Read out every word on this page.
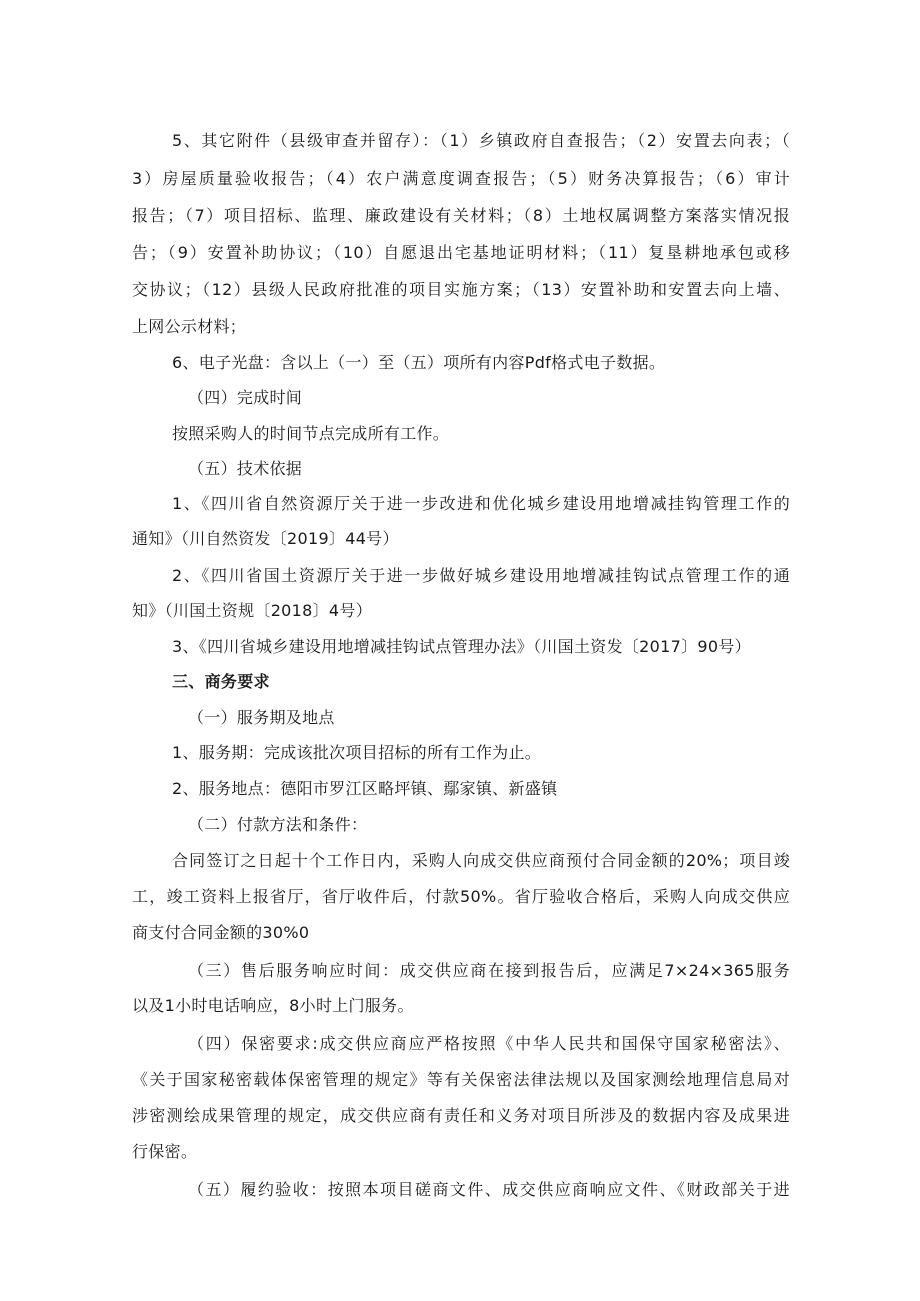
5、其它附件（县级审查并留存）：（1）乡镇政府自查报告；（2）安置去向表；（
3）房屋质量验收报告；（4）农户满意度调查报告；（5）财务决算报告；（6）审计
报告；（7）项目招标、监理、廉政建设有关材料；（8）土地权属调整方案落实情况报
告；（9）安置补助协议；（10）自愿退出宅基地证明材料；（11）复垦耕地承包或移
交协议；（12）县级人民政府批准的项目实施方案；（13）安置补助和安置去向上墙、
上网公示材料；
6、电子光盘：含以上（一）至（五）项所有内容Pdf格式电子数据。
（四）完成时间
按照采购人的时间节点完成所有工作。
（五）技术依据
1、《四川省自然资源厅关于进一步改进和优化城乡建设用地增减挂钩管理工作的
通知》（川自然资发〔2019〕44号）
2、《四川省国土资源厅关于进一步做好城乡建设用地增减挂钩试点管理工作的通
知》（川国土资规〔2018〕4号）
3、《四川省城乡建设用地增减挂钩试点管理办法》（川国土资发〔2017〕90号）
三、商务要求
（一）服务期及地点
1、服务期：完成该批次项目招标的所有工作为止。
2、服务地点：德阳市罗江区略坪镇、鄢家镇、新盛镇
（二）付款方法和条件：
合同签订之日起十个工作日内，采购人向成交供应商预付合同金额的20%；项目竣
工，竣工资料上报省厅，省厅收件后，付款50%。省厅验收合格后，采购人向成交供应
商支付合同金额的30%0
（三）售后服务响应时间：成交供应商在接到报告后，应满足7×24×365服务
以及1小时电话响应，8小时上门服务。
（四）保密要求:成交供应商应严格按照《中华人民共和国保守国家秘密法》、
《关于国家秘密载体保密管理的规定》等有关保密法律法规以及国家测绘地理信息局对
涉密测绘成果管理的规定，成交供应商有责任和义务对项目所涉及的数据内容及成果进
行保密。
（五）履约验收：按照本项目磋商文件、成交供应商响应文件、《财政部关于进
